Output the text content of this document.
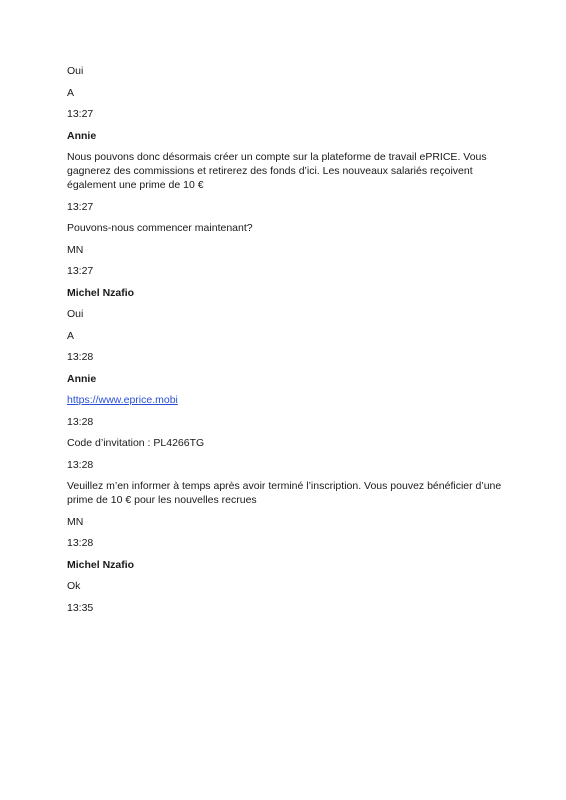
Oui
A
13:27
Annie
Nous pouvons donc désormais créer un compte sur la plateforme de travail ePRICE. Vous gagnerez des commissions et retirerez des fonds d’ici. Les nouveaux salariés reçoivent également une prime de 10 €
13:27
Pouvons-nous commencer maintenant?
MN
13:27
Michel Nzafio
Oui
A
13:28
Annie
https://www.eprice.mobi
13:28
Code d’invitation : PL4266TG
13:28
Veuillez m’en informer à temps après avoir terminé l’inscription. Vous pouvez bénéficier d’une prime de 10 € pour les nouvelles recrues
MN
13:28
Michel Nzafio
Ok
13:35
